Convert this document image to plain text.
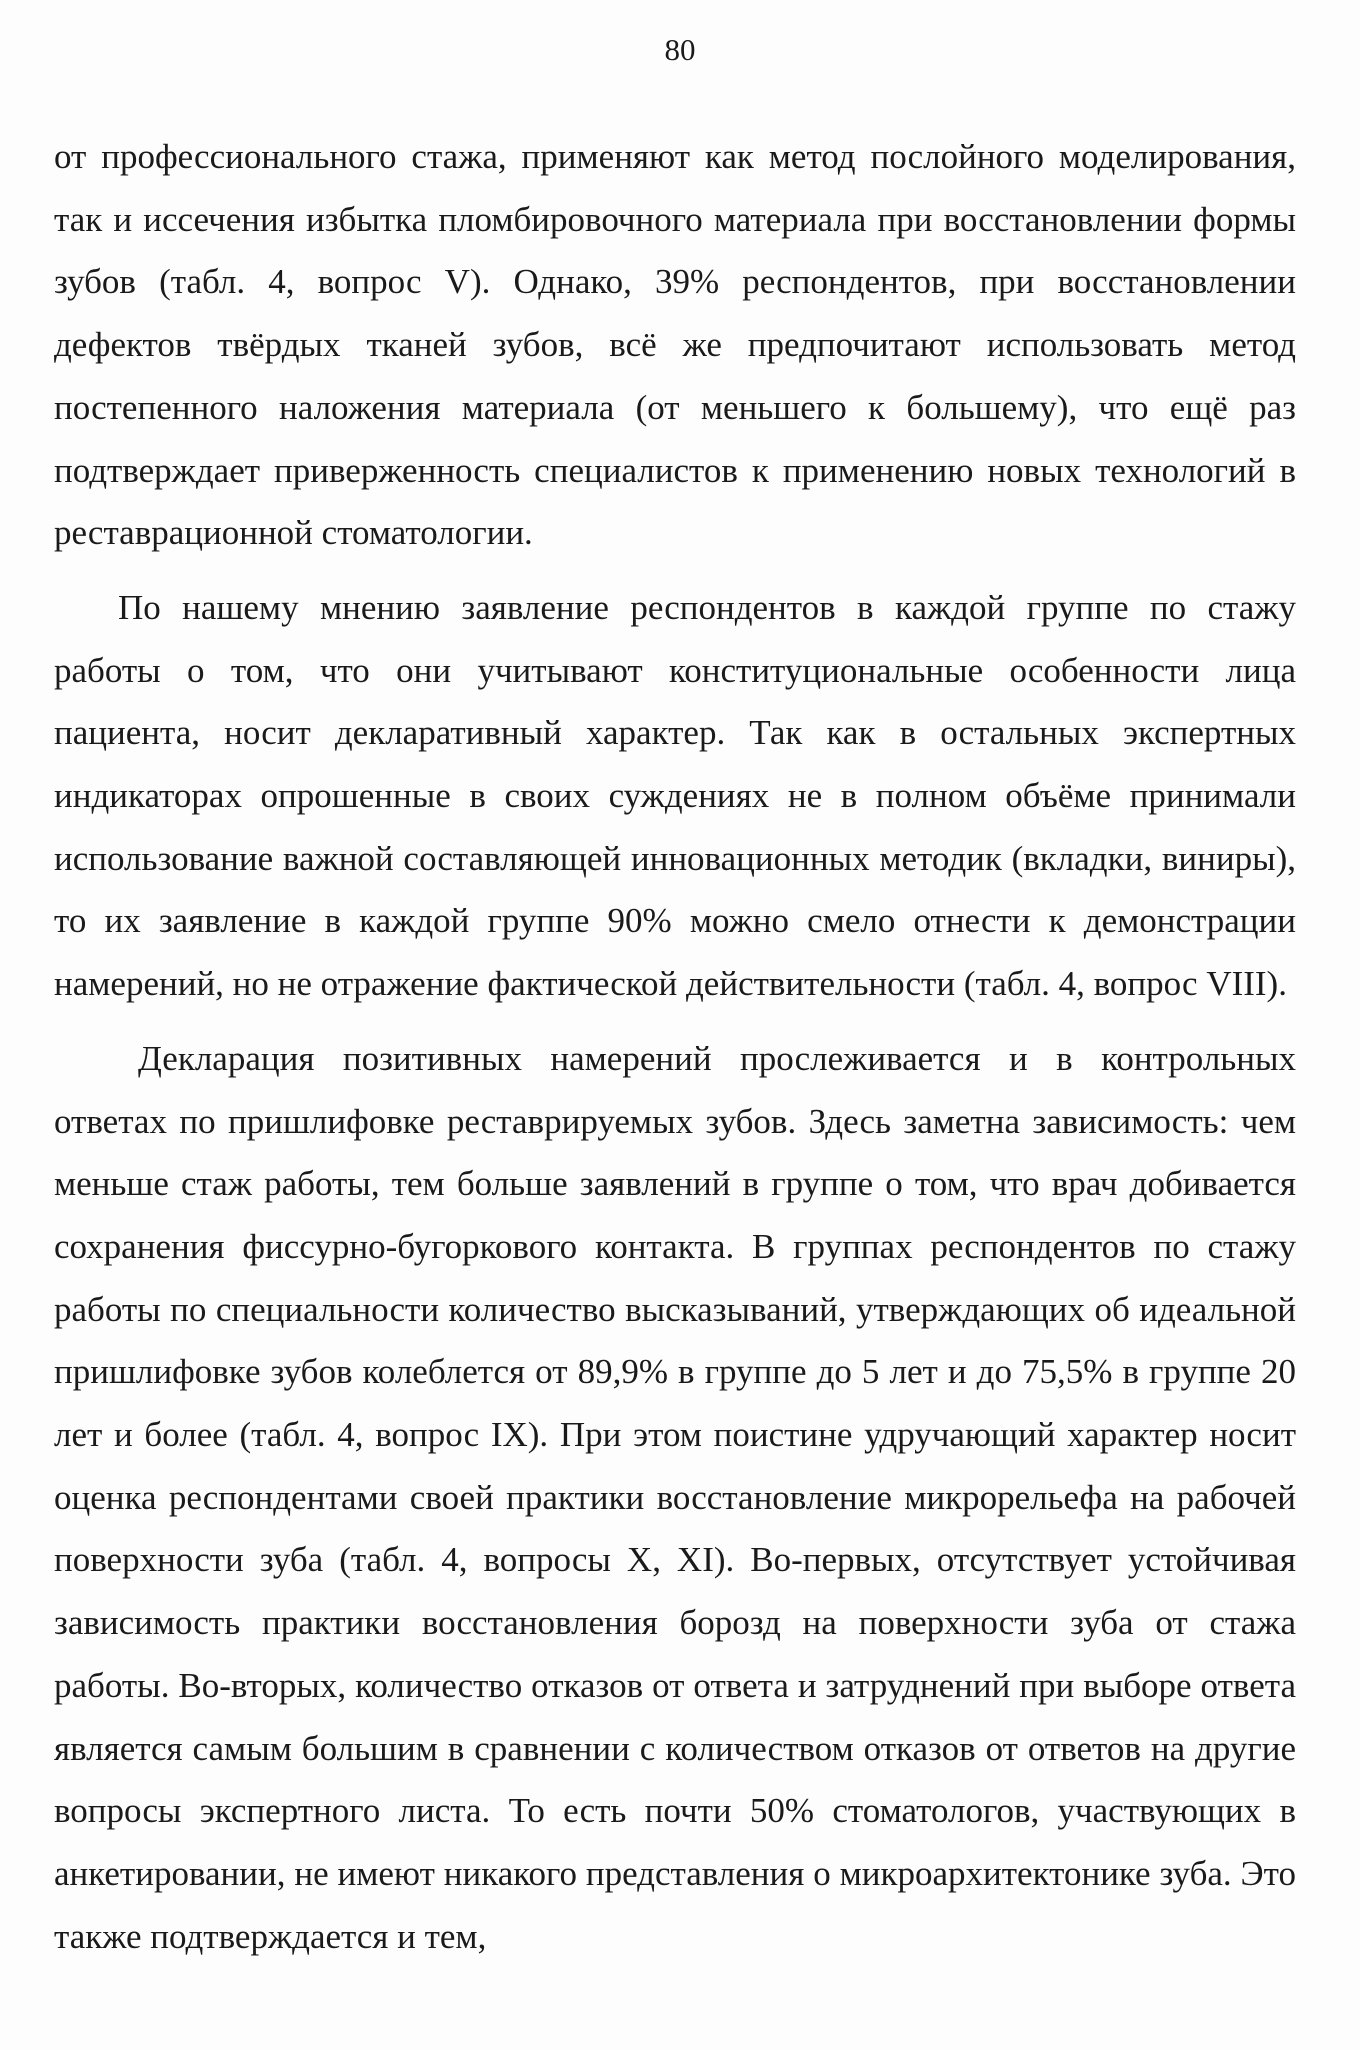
80

от профессионального стажа, применяют как метод послойного моделирования, так и иссечения избытка пломбировочного материала при восстановлении формы зубов (табл. 4, вопрос V). Однако, 39% респондентов, при восстановлении дефектов твёрдых тканей зубов, всё же предпочитают использовать метод постепенного наложения материала (от меньшего к большему), что ещё раз подтверждает приверженность специалистов к применению новых технологий в реставрационной стоматологии.

По нашему мнению заявление респондентов в каждой группе по стажу работы о том, что они учитывают конституциональные особенности лица пациента, носит декларативный характер. Так как в остальных экспертных индикаторах опрошенные в своих суждениях не в полном объёме принимали использование важной составляющей инновационных методик (вкладки, виниры), то их заявление в каждой группе 90% можно смело отнести к демонстрации намерений, но не отражение фактической действительности (табл. 4, вопрос VIII).

Декларация позитивных намерений прослеживается и в контрольных ответах по пришлифовке реставрируемых зубов. Здесь заметна зависимость: чем меньше стаж работы, тем больше заявлений в группе о том, что врач добивается сохранения фиссурно-бугоркового контакта. В группах респондентов по стажу работы по специальности количество высказываний, утверждающих об идеальной пришлифовке зубов колеблется от 89,9% в группе до 5 лет и до 75,5% в группе 20 лет и более (табл. 4, вопрос IX). При этом поистине удручающий характер носит оценка респондентами своей практики восстановление микрорельефа на рабочей поверхности зуба (табл. 4, вопросы X, XI). Во-первых, отсутствует устойчивая зависимость практики восстановления борозд на поверхности зуба от стажа работы. Во-вторых, количество отказов от ответа и затруднений при выборе ответа является самым большим в сравнении с количеством отказов от ответов на другие вопросы экспертного листа. То есть почти 50% стоматологов, участвующих в анкетировании, не имеют никакого представления о микроархитектонике зуба. Это также подтверждается и тем,
